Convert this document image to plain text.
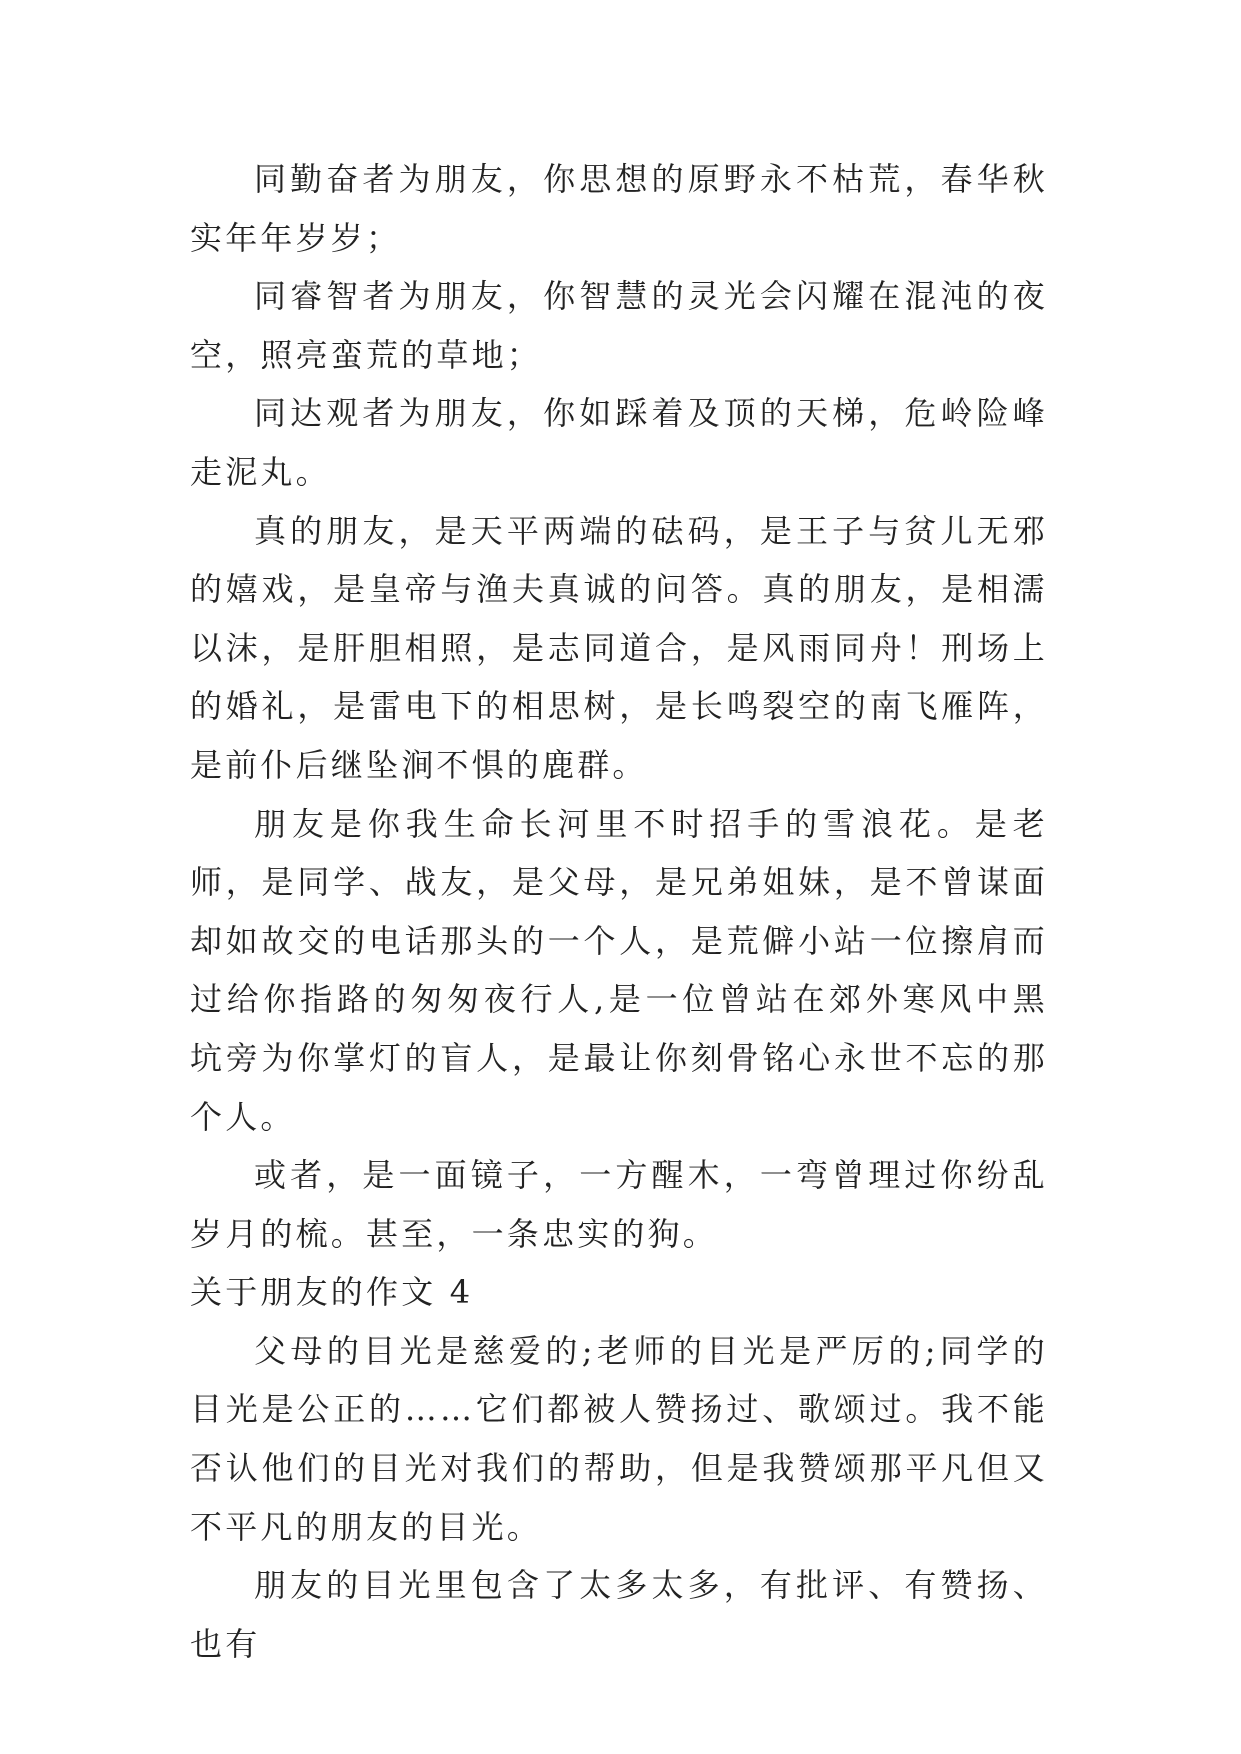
同勤奋者为朋友，你思想的原野永不枯荒，春华秋实年年岁岁；

同睿智者为朋友，你智慧的灵光会闪耀在混沌的夜空，照亮蛮荒的草地；

同达观者为朋友，你如踩着及顶的天梯，危岭险峰走泥丸。

真的朋友，是天平两端的砝码，是王子与贫儿无邪的嬉戏，是皇帝与渔夫真诚的问答。真的朋友，是相濡以沫，是肝胆相照，是志同道合，是风雨同舟！刑场上的婚礼，是雷电下的相思树，是长鸣裂空的南飞雁阵，是前仆后继坠涧不惧的鹿群。

朋友是你我生命长河里不时招手的雪浪花。是老师，是同学、战友，是父母，是兄弟姐妹，是不曾谋面却如故交的电话那头的一个人，是荒僻小站一位擦肩而过给你指路的匆匆夜行人,是一位曾站在郊外寒风中黑坑旁为你掌灯的盲人，是最让你刻骨铭心永世不忘的那个人。

或者，是一面镜子，一方醒木，一弯曾理过你纷乱岁月的梳。甚至，一条忠实的狗。

关于朋友的作文 4

父母的目光是慈爱的;老师的目光是严厉的;同学的目光是公正的……它们都被人赞扬过、歌颂过。我不能否认他们的目光对我们的帮助，但是我赞颂那平凡但又不平凡的朋友的目光。

朋友的目光里包含了太多太多，有批评、有赞扬、也有
